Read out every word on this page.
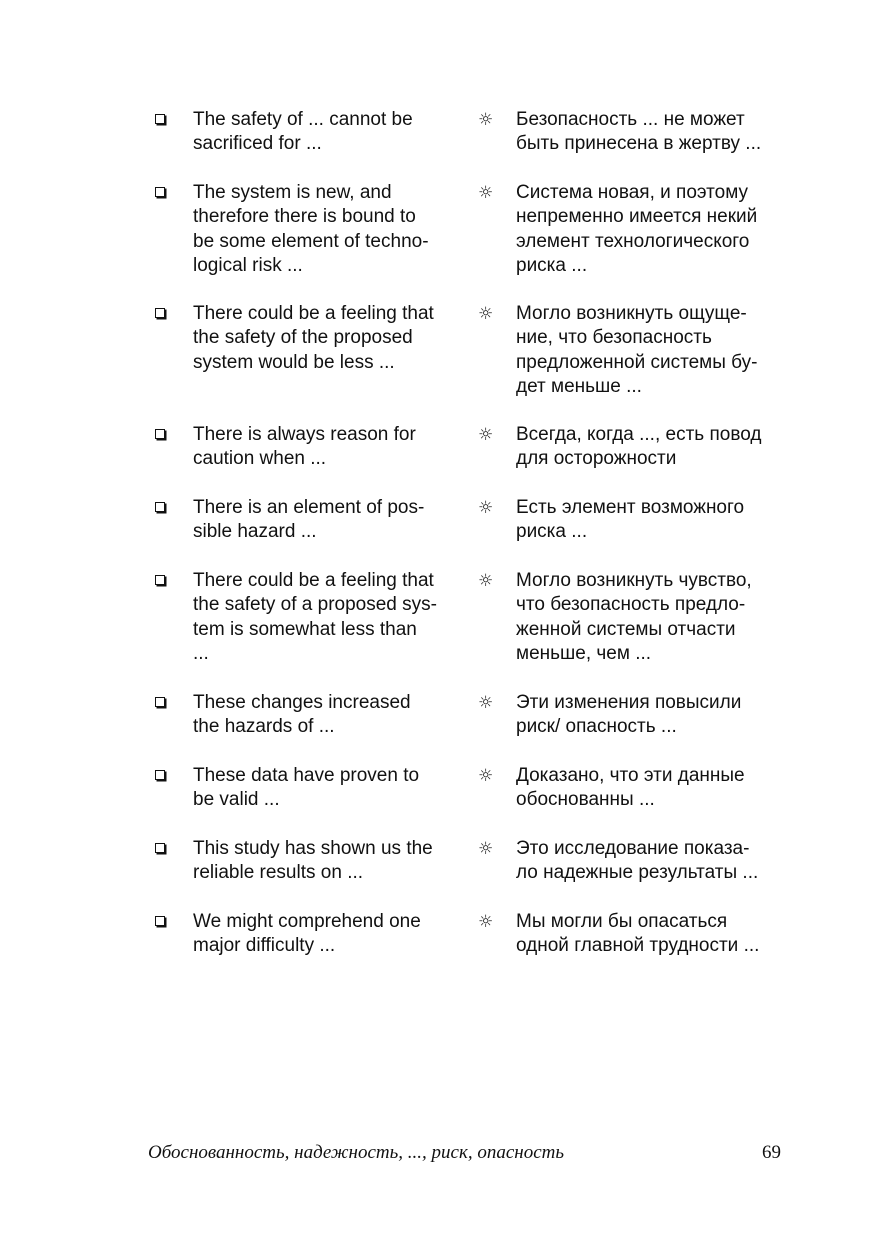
The safety of ... cannot be
sacrificed for ...

☼ Безопасность ... не может
быть принесена в жертву ...

The system is new, and
therefore there is bound to
be some element of techno-
logical risk ...

☼ Система новая, и поэтому
непременно имеется некий
элемент технологического
риска ...

There could be a feeling that
the safety of the proposed
system would be less ...

☼ Могло возникнуть ощуще-
ние, что безопасность
предложенной системы бу-
дет меньше ...

There is always reason for
caution when ...

☼ Всегда, когда ..., есть повод
для осторожности

There is an element of pos-
sible hazard ...

☼ Есть элемент возможного
риска ...

There could be a feeling that
the safety of a proposed sys-
tem is somewhat less than
...

☼ Могло возникнуть чувство,
что безопасность предло-
женной системы отчасти
меньше, чем ...

These changes increased
the hazards of ...

☼ Эти изменения повысили
риск/ опасность ...

These data have proven to
be valid ...

☼ Доказано, что эти данные
обоснованны ...

This study has shown us the
reliable results on ...

☼ Это исследование показа-
ло надежные результаты ...

We might comprehend one
major difficulty ...

☼ Мы могли бы опасаться
одной главной трудности ...

Обоснованность, надежность, ..., риск, опасность	69
